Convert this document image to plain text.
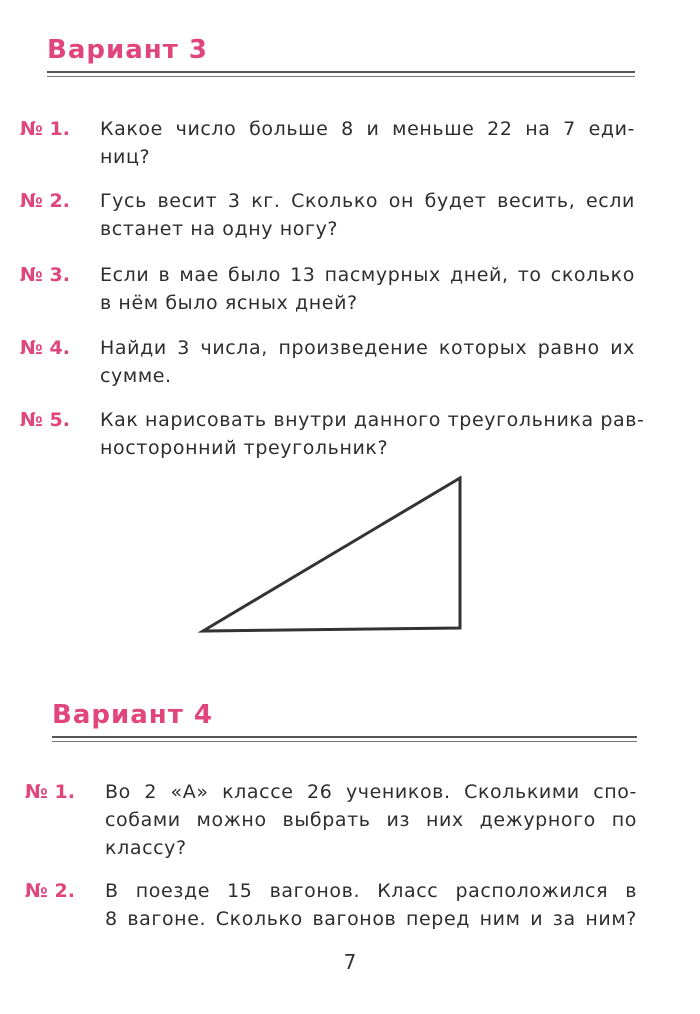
Вариант 3
№ 1. Какое число больше 8 и меньше 22 на 7 еди-
ниц?
№ 2. Гусь весит 3 кг. Сколько он будет весить, если
встанет на одну ногу?
№ 3. Если в мае было 13 пасмурных дней, то сколько
в нём было ясных дней?
№ 4. Найди 3 числа, произведение которых равно их
сумме.
№ 5. Как нарисовать внутри данного треугольника рав-
носторонний треугольник?
Вариант 4
№ 1. Во 2 «А» классе 26 учеников. Сколькими спо-
собами можно выбрать из них дежурного по
классу?
№ 2. В поезде 15 вагонов. Класс расположился в
8 вагоне. Сколько вагонов перед ним и за ним?
7
